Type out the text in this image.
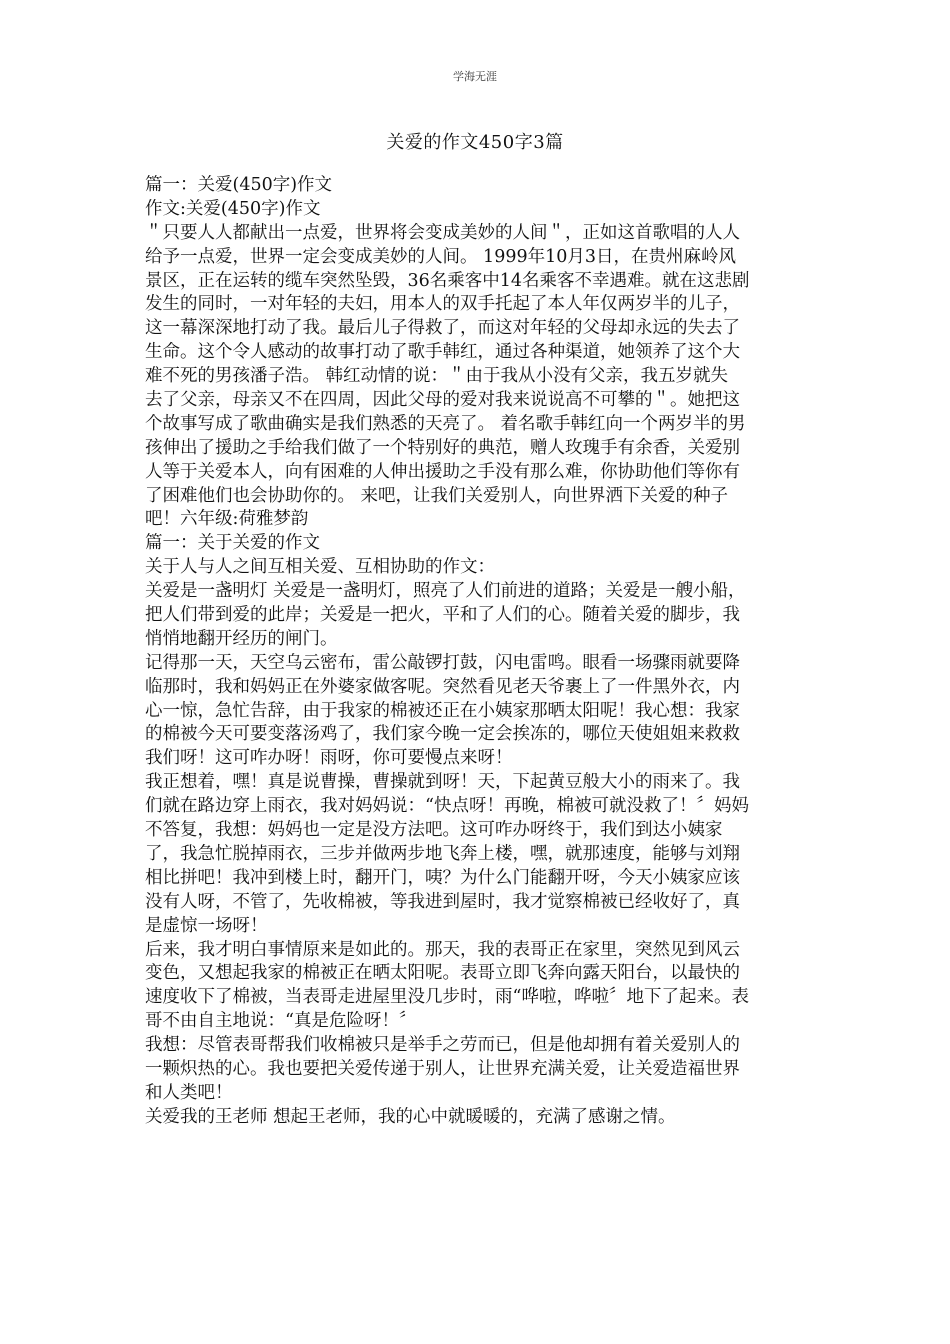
学海无涯
关爱的作文450字3篇
篇一：关爱(450字)作文
作文:关爱(450字)作文
＂只要人人都献出一点爱，世界将会变成美妙的人间＂，正如这首歌唱的人人
给予一点爱，世界一定会变成美妙的人间。 1999年10月3日，在贵州麻岭风
景区，正在运转的缆车突然坠毁，36名乘客中14名乘客不幸遇难。就在这悲剧
发生的同时，一对年轻的夫妇，用本人的双手托起了本人年仅两岁半的儿子，
这一幕深深地打动了我。最后儿子得救了，而这对年轻的父母却永远的失去了
生命。这个令人感动的故事打动了歌手韩红，通过各种渠道，她领养了这个大
难不死的男孩潘子浩。 韩红动情的说：＂由于我从小没有父亲，我五岁就失
去了父亲，母亲又不在四周，因此父母的爱对我来说说高不可攀的＂。她把这
个故事写成了歌曲确实是我们熟悉的天亮了。 着名歌手韩红向一个两岁半的男
孩伸出了援助之手给我们做了一个特别好的典范，赠人玫瑰手有余香，关爱别
人等于关爱本人，向有困难的人伸出援助之手没有那么难，你协助他们等你有
了困难他们也会协助你的。 来吧，让我们关爱别人，向世界洒下关爱的种子
吧！六年级:荷雅梦韵
篇一：关于关爱的作文
关于人与人之间互相关爱、互相协助的作文：
关爱是一盏明灯 关爱是一盏明灯，照亮了人们前进的道路；关爱是一艘小船，
把人们带到爱的此岸；关爱是一把火，平和了人们的心。随着关爱的脚步，我
悄悄地翻开经历的闸门。
记得那一天，天空乌云密布，雷公敲锣打鼓，闪电雷鸣。眼看一场骤雨就要降
临那时，我和妈妈正在外婆家做客呢。突然看见老天爷裹上了一件黑外衣，内
心一惊，急忙告辞，由于我家的棉被还正在小姨家那晒太阳呢！我心想：我家
的棉被今天可要变落汤鸡了，我们家今晚一定会挨冻的，哪位天使姐姐来救救
我们呀！这可咋办呀！雨呀，你可要慢点来呀！
我正想着，嘿！真是说曹操，曹操就到呀！天，下起黄豆般大小的雨来了。我
们就在路边穿上雨衣，我对妈妈说：“快点呀！再晚，棉被可就没救了！〞妈妈
不答复，我想：妈妈也一定是没方法吧。这可咋办呀终于，我们到达小姨家
了，我急忙脱掉雨衣，三步并做两步地飞奔上楼，嘿，就那速度，能够与刘翔
相比拼吧！我冲到楼上时，翻开门，咦？为什么门能翻开呀，今天小姨家应该
没有人呀，不管了，先收棉被，等我进到屋时，我才觉察棉被已经收好了，真
是虚惊一场呀！
后来，我才明白事情原来是如此的。那天，我的表哥正在家里，突然见到风云
变色，又想起我家的棉被正在晒太阳呢。表哥立即飞奔向露天阳台，以最快的
速度收下了棉被，当表哥走进屋里没几步时，雨“哗啦，哗啦〞地下了起来。表
哥不由自主地说：“真是危险呀！〞
我想：尽管表哥帮我们收棉被只是举手之劳而已，但是他却拥有着关爱别人的
一颗炽热的心。我也要把关爱传递于别人，让世界充满关爱，让关爱造福世界
和人类吧！
关爱我的王老师 想起王老师，我的心中就暖暖的，充满了感谢之情。
